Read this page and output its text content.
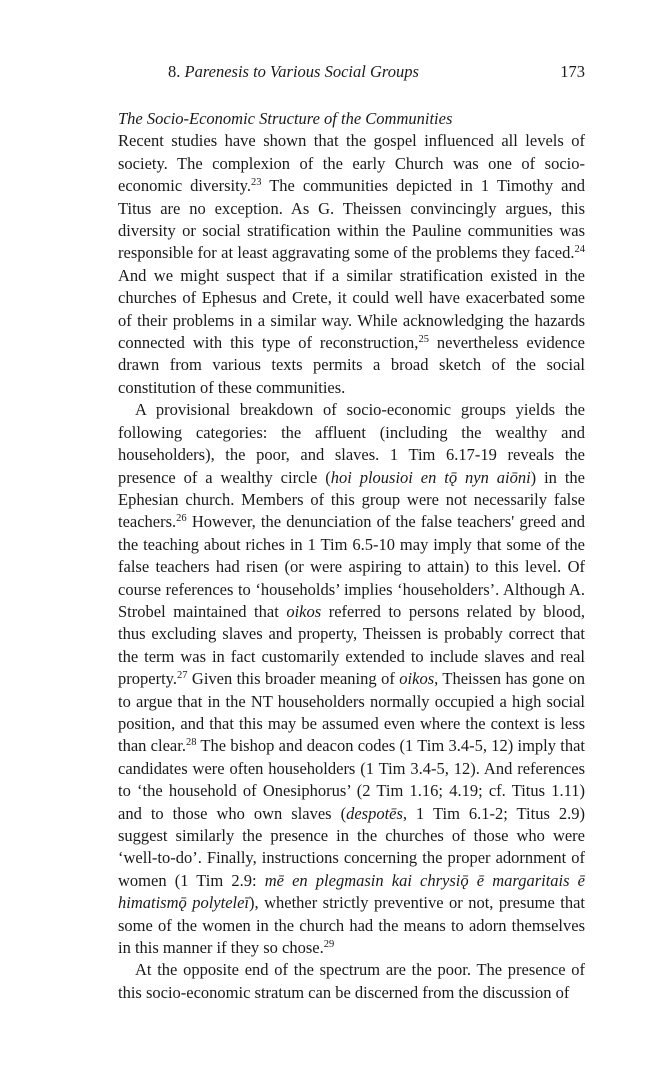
8. Parenesis to Various Social Groups	173

The Socio-Economic Structure of the Communities

Recent studies have shown that the gospel influenced all levels of society. The complexion of the early Church was one of socio-economic diversity.$^{23}$ The communities depicted in 1 Timothy and Titus are no exception. As G. Theissen convincingly argues, this diversity or social stratification within the Pauline communities was responsible for at least aggravating some of the problems they faced.$^{24}$ And we might suspect that if a similar stratification existed in the churches of Ephesus and Crete, it could well have exacerbated some of their problems in a similar way. While acknowledging the hazards connected with this type of reconstruction,$^{25}$ nevertheless evidence drawn from various texts permits a broad sketch of the social constitution of these communities.

A provisional breakdown of socio-economic groups yields the following categories: the affluent (including the wealthy and householders), the poor, and slaves. 1 Tim 6.17-19 reveals the presence of a wealthy circle (hoi plousioi en tǭ nyn aiōni) in the Ephesian church. Members of this group were not necessarily false teachers.$^{26}$ However, the denunciation of the false teachers' greed and the teaching about riches in 1 Tim 6.5-10 may imply that some of the false teachers had risen (or were aspiring to attain) to this level. Of course references to ‘households’ implies ‘householders’. Although A. Strobel maintained that oikos referred to persons related by blood, thus excluding slaves and property, Theissen is probably correct that the term was in fact customarily extended to include slaves and real property.$^{27}$ Given this broader meaning of oikos, Theissen has gone on to argue that in the NT householders normally occupied a high social position, and that this may be assumed even where the context is less than clear.$^{28}$ The bishop and deacon codes (1 Tim 3.4-5, 12) imply that candidates were often householders (1 Tim 3.4-5, 12). And references to ‘the household of Onesiphorus’ (2 Tim 1.16; 4.19; cf. Titus 1.11) and to those who own slaves (despotēs, 1 Tim 6.1-2; Titus 2.9) suggest similarly the presence in the churches of those who were ‘well-to-do’. Finally, instructions concerning the proper adornment of women (1 Tim 2.9: mē en plegmasin kai chrysiǭ ē margaritais ē himatismǭ polyteleī), whether strictly preventive or not, presume that some of the women in the church had the means to adorn themselves in this manner if they so chose.$^{29}$

At the opposite end of the spectrum are the poor. The presence of this socio-economic stratum can be discerned from the discussion of
